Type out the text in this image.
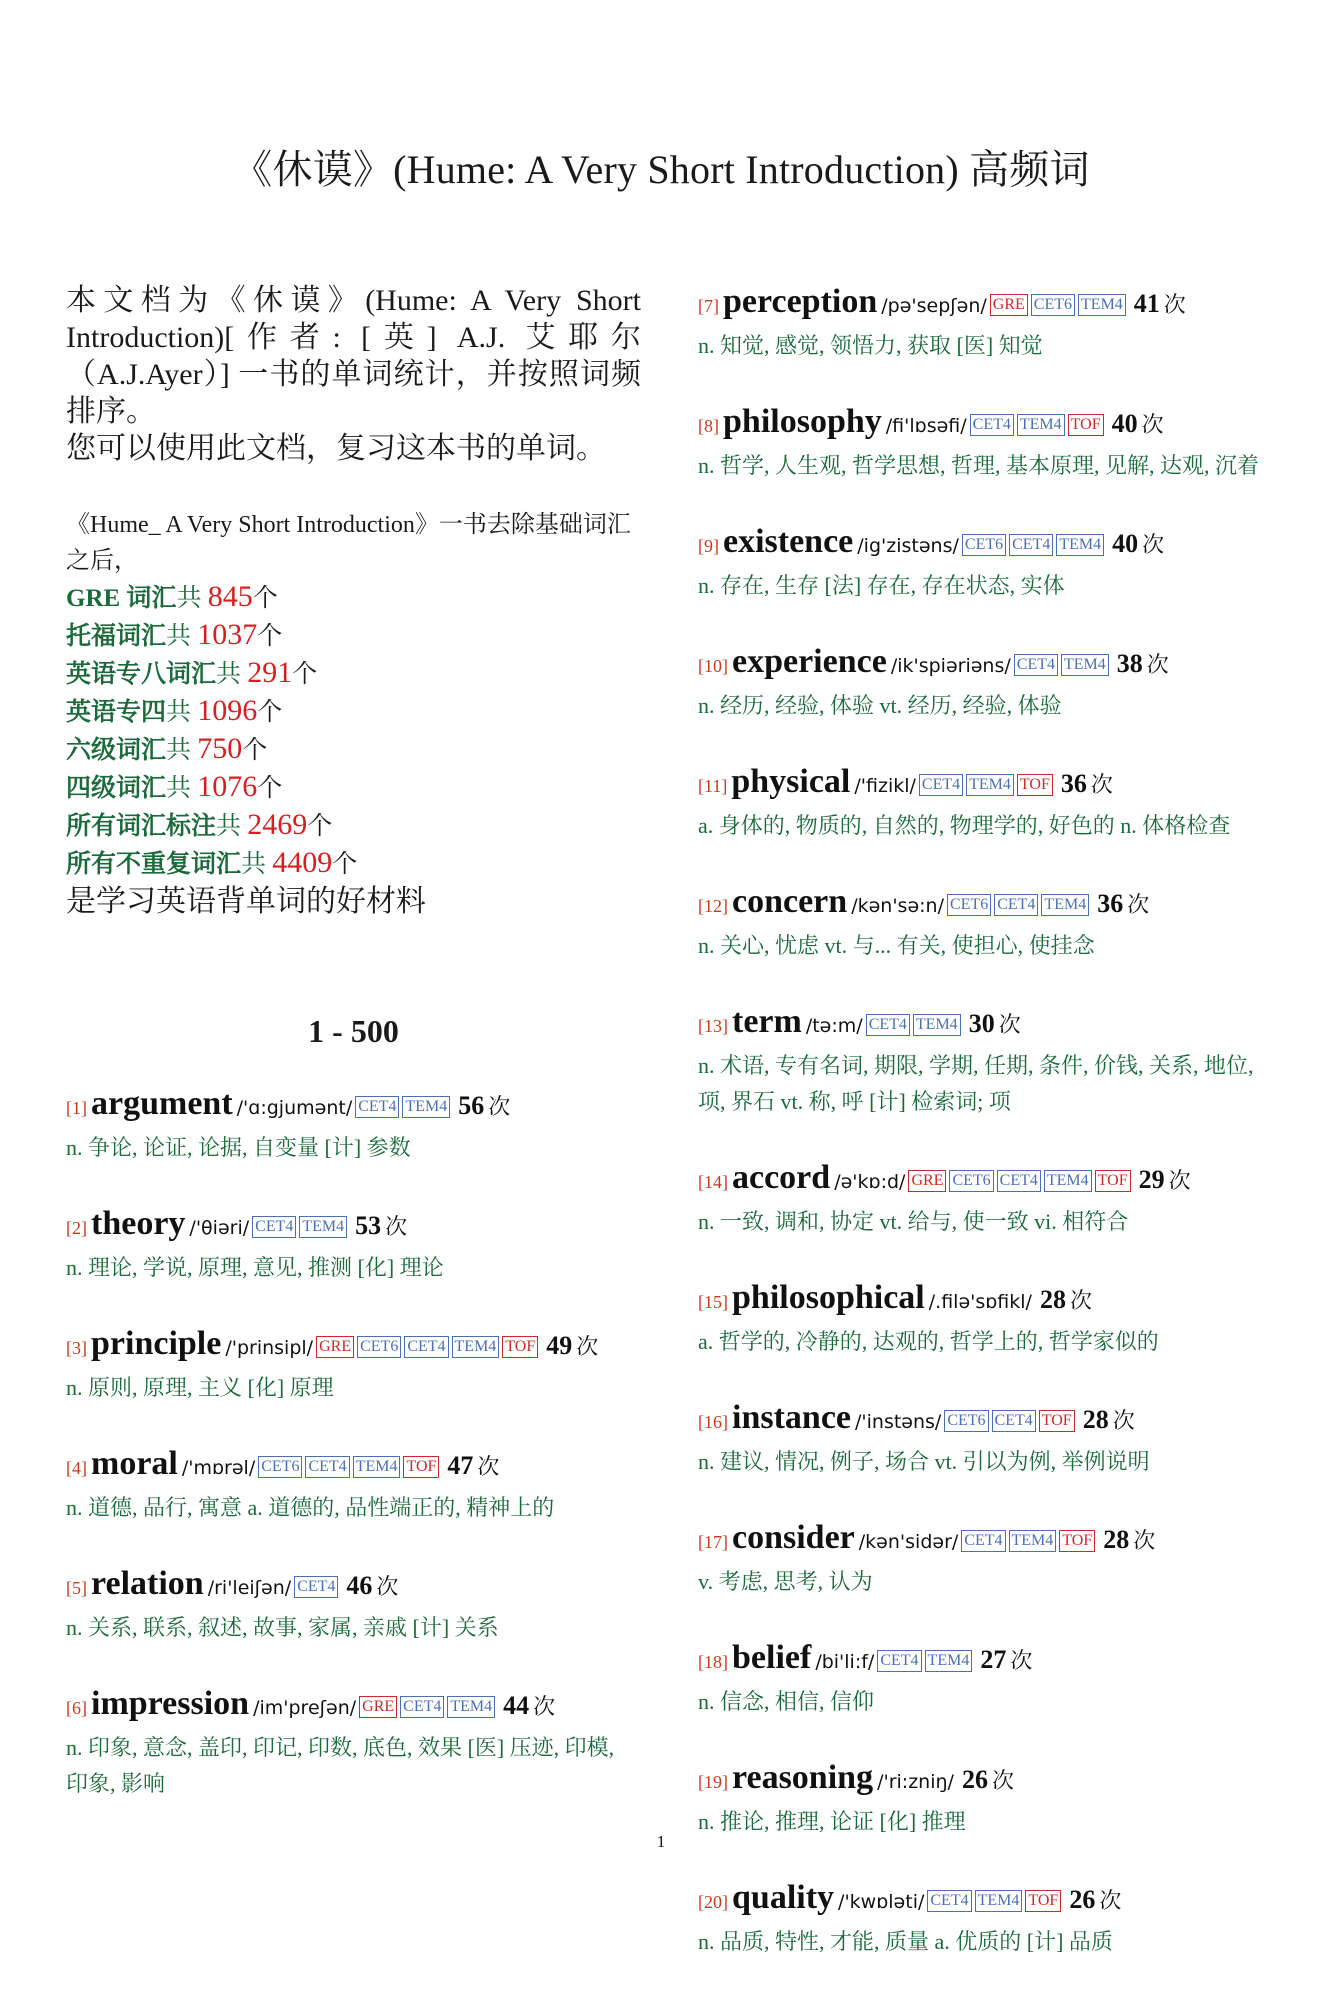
《休谟》(Hume: A Very Short Introduction) 高频词

本文档为《休谟》(Hume: A Very Short Introduction)[作者: [英] A.J. 艾耶尔（A.J.Ayer）] 一书的单词统计，并按照词频排序。

您可以使用此文档，复习这本书的单词。

《Hume_ A Very Short Introduction》一书去除基础词汇之后，
GRE 词汇共 845个
托福词汇共 1037个
英语专八词汇共 291个
英语专四共 1096个
六级词汇共 750个
四级词汇共 1076个
所有词汇标注共 2469个
所有不重复词汇共 4409个
是学习英语背单词的好材料
1 - 500
[1] argument /'ɑ:gjumənt/ CET4 TEM4 56 次
n. 争论, 论证, 论据, 自变量 [计] 参数
[2] theory /'θiəri/ CET4 TEM4 53 次
n. 理论, 学说, 原理, 意见, 推测 [化] 理论
[3] principle /'prinsipl/ GRE CET6 CET4 TEM4 TOF 49 次
n. 原则, 原理, 主义 [化] 原理
[4] moral /'mɒrəl/ CET6 CET4 TEM4 TOF 47 次
n. 道德, 品行, 寓意 a. 道德的, 品性端正的, 精神上的
[5] relation /ri'leiʃən/ CET4 46 次
n. 关系, 联系, 叙述, 故事, 家属, 亲戚 [计] 关系
[6] impression /im'preʃən/ GRE CET4 TEM4 44 次
n. 印象, 意念, 盖印, 印记, 印数, 底色, 效果 [医] 压迹, 印模, 印象, 影响
[7] perception /pə'sepʃən/ GRE CET6 TEM4 41 次
n. 知觉, 感觉, 领悟力, 获取 [医] 知觉
[8] philosophy /fi'lɒsəfi/ CET4 TEM4 TOF 40 次
n. 哲学, 人生观, 哲学思想, 哲理, 基本原理, 见解, 达观, 沉着
[9] existence /ig'zistəns/ CET6 CET4 TEM4 40 次
n. 存在, 生存 [法] 存在, 存在状态, 实体
[10] experience /ik'spiəriəns/ CET4 TEM4 38 次
n. 经历, 经验, 体验 vt. 经历, 经验, 体验
[11] physical /'fizikl/ CET4 TEM4 TOF 36 次
a. 身体的, 物质的, 自然的, 物理学的, 好色的 n. 体格检查
[12] concern /kən'sə:n/ CET6 CET4 TEM4 36 次
n. 关心, 忧虑 vt. 与... 有关, 使担心, 使挂念
[13] term /tə:m/ CET4 TEM4 30 次
n. 术语, 专有名词, 期限, 学期, 任期, 条件, 价钱, 关系, 地位, 项, 界石 vt. 称, 呼 [计] 检索词; 项
[14] accord /ə'kɒ:d/ GRE CET6 CET4 TEM4 TOF 29 次
n. 一致, 调和, 协定 vt. 给与, 使一致 vi. 相符合
[15] philosophical /.filə'sɒfikl/ 28 次
a. 哲学的, 冷静的, 达观的, 哲学上的, 哲学家似的
[16] instance /'instəns/ CET6 CET4 TOF 28 次
n. 建议, 情况, 例子, 场合 vt. 引以为例, 举例说明
[17] consider /kən'sidər/ CET4 TEM4 TOF 28 次
v. 考虑, 思考, 认为
[18] belief /bi'li:f/ CET4 TEM4 27 次
n. 信念, 相信, 信仰
[19] reasoning /'ri:zniŋ/ 26 次
n. 推论, 推理, 论证 [化] 推理
[20] quality /'kwɒləti/ CET4 TEM4 TOF 26 次
n. 品质, 特性, 才能, 质量 a. 优质的 [计] 品质
1
